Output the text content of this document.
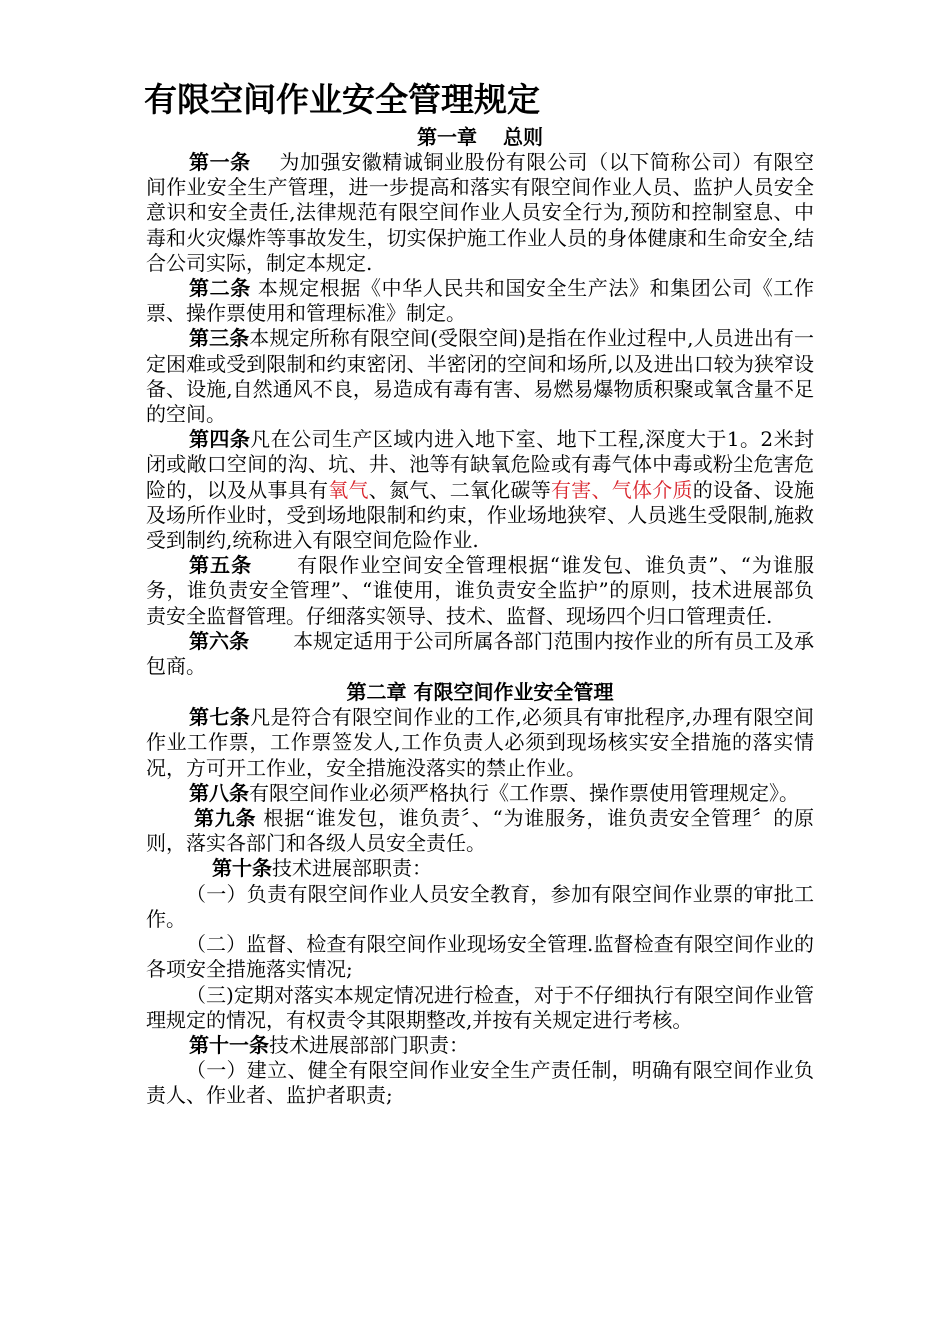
有限空间作业安全管理规定
第一章 总则

第一条 为加强安徽精诚铜业股份有限公司（以下简称公司）有限空间作业安全生产管理，进一步提高和落实有限空间作业人员、监护人员安全意识和安全责任,法律规范有限空间作业人员安全行为,预防和控制窒息、中毒和火灾爆炸等事故发生，切实保护施工作业人员的身体健康和生命安全,结合公司实际，制定本规定.

第二条 本规定根据《中华人民共和国安全生产法》和集团公司《工作票、操作票使用和管理标准》制定。

第三条本规定所称有限空间(受限空间)是指在作业过程中,人员进出有一定困难或受到限制和约束密闭、半密闭的空间和场所,以及进出口较为狭窄设备、设施,自然通风不良，易造成有毒有害、易燃易爆物质积聚或氧含量不足的空间。

第四条凡在公司生产区域内进入地下室、地下工程,深度大于1。2米封闭或敞口空间的沟、坑、井、池等有缺氧危险或有毒气体中毒或粉尘危害危险的，以及从事具有氧气、氮气、二氧化碳等有害、气体介质的设备、设施及场所作业时，受到场地限制和约束，作业场地狭窄、人员逃生受限制,施救受到制约,统称进入有限空间危险作业.

第五条 有限作业空间安全管理根据“谁发包、谁负责”、“为谁服务，谁负责安全管理”、“谁使用，谁负责安全监护”的原则，技术进展部负责安全监督管理。仔细落实领导、技术、监督、现场四个归口管理责任.

第六条 本规定适用于公司所属各部门范围内按作业的所有员工及承包商。

第二章 有限空间作业安全管理

第七条凡是符合有限空间作业的工作,必须具有审批程序,办理有限空间作业工作票，工作票签发人,工作负责人必须到现场核实安全措施的落实情况，方可开工作业，安全措施没落实的禁止作业。

第八条有限空间作业必须严格执行《工作票、操作票使用管理规定》。

第九条 根据“谁发包，谁负责〞、“为谁服务，谁负责安全管理〞的原则，落实各部门和各级人员安全责任。

第十条技术进展部职责：

（一）负责有限空间作业人员安全教育，参加有限空间作业票的审批工作。

（二）监督、检查有限空间作业现场安全管理.监督检查有限空间作业的各项安全措施落实情况;

（三)定期对落实本规定情况进行检查，对于不仔细执行有限空间作业管理规定的情况，有权责令其限期整改,并按有关规定进行考核。

第十一条技术进展部部门职责：

（一）建立、健全有限空间作业安全生产责任制，明确有限空间作业负责人、作业者、监护者职责;
